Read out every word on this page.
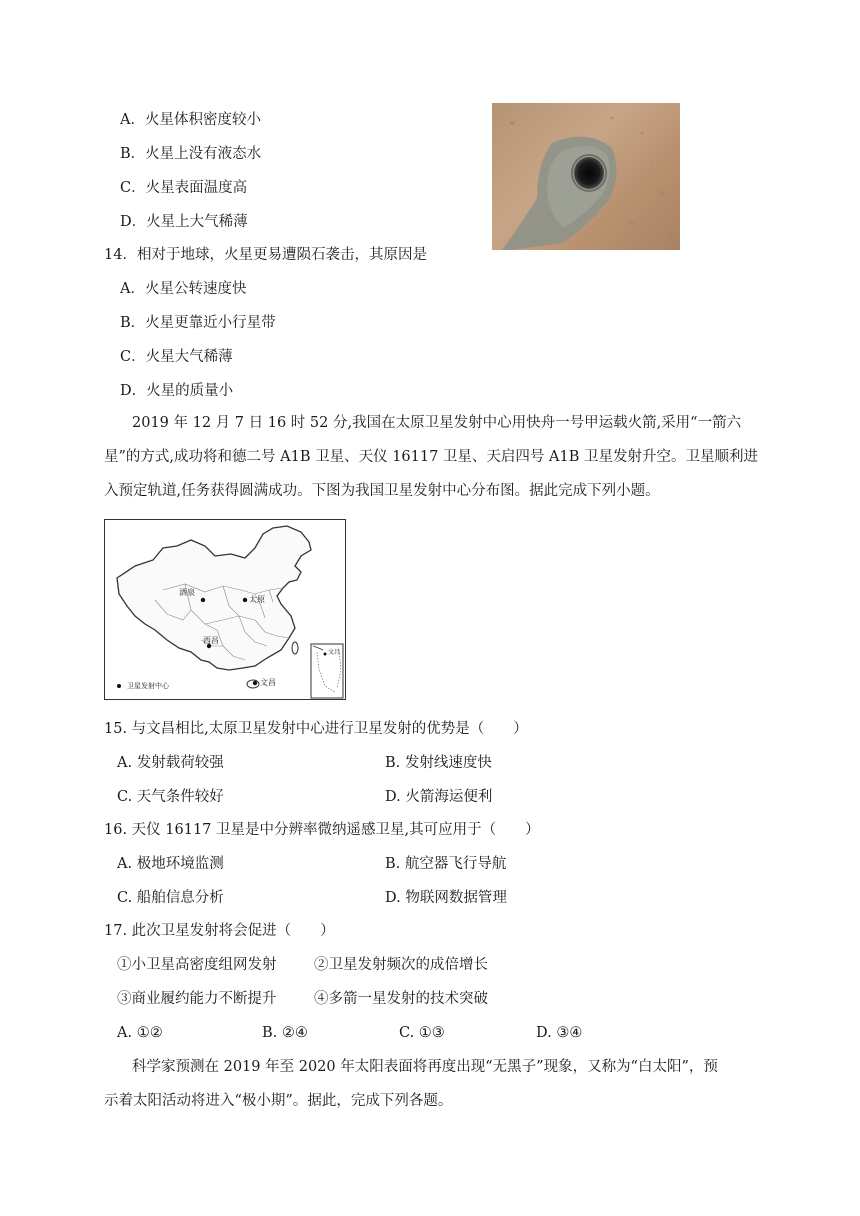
A．火星体积密度较小
B．火星上没有液态水
C．火星表面温度高
D．火星上大气稀薄
14．相对于地球，火星更易遭陨石袭击，其原因是
A．火星公转速度快
B．火星更靠近小行星带
C．火星大气稀薄
D．火星的质量小
2019 年 12 月 7 日 16 时 52 分,我国在太原卫星发射中心用快舟一号甲运载火箭,采用“一箭六
星”的方式,成功将和德二号 A1B 卫星、天仪 16117 卫星、天启四号 A1B 卫星发射升空。卫星顺利进
入预定轨道,任务获得圆满成功。下图为我国卫星发射中心分布图。据此完成下列小题。
酒泉
太原
西昌
文昌
文昌
卫星发射中心
15. 与文昌相比,太原卫星发射中心进行卫星发射的优势是（　　）
A. 发射载荷较强	B. 发射线速度快
C. 天气条件较好	D. 火箭海运便利
16. 天仪 16117 卫星是中分辨率微纳遥感卫星,其可应用于（　　）
A. 极地环境监测	B. 航空器飞行导航
C. 船舶信息分析	D. 物联网数据管理
17. 此次卫星发射将会促进（　　）
①小卫星高密度组网发射	②卫星发射频次的成倍增长
③商业履约能力不断提升	④多箭一星发射的技术突破
A. ①②	B. ②④	C. ①③	D. ③④
科学家预测在 2019 年至 2020 年太阳表面将再度出现“无黑子”现象，又称为“白太阳”，预
示着太阳活动将进入“极小期”。据此，完成下列各题。
